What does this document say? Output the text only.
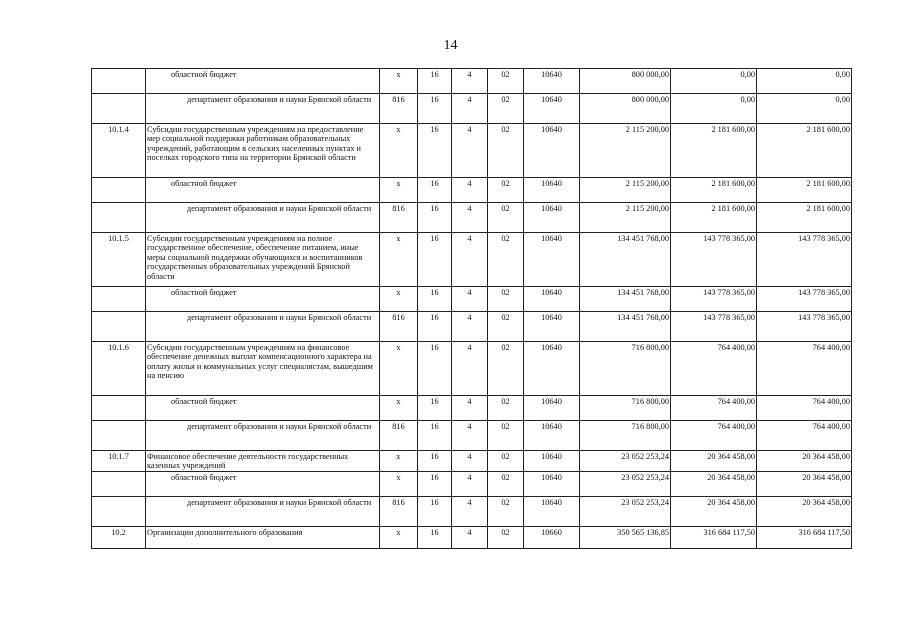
14

	областной бюджет	х	16	4	02	10640	800 000,00	0,00	0,00
	департамент образования и науки Брянской области	816	16	4	02	10640	800 000,00	0,00	0,00
10.1.4	Субсидии государственным учреждениям на предоставление мер социальной поддержки работникам образовательных учреждений, работающим в сельских населенных пунктах и поселках городского типа на территории Брянской области	х	16	4	02	10640	2 115 200,00	2 181 600,00	2 181 600,00

	областной бюджет	х	16	4	02	10640	2 115 200,00	2 181 600,00	2 181 600,00
	департамент образования и науки Брянской области	816	16	4	02	10640	2 115 200,00	2 181 600,00	2 181 600,00
10.1.5	Субсидии государственным учреждениям на полное государственное обеспечение, обеспечение питанием, иные меры социальной поддержки обучающихся и воспитанников государственных образовательных учреждений Брянской области	х	16	4	02	10640	134 451 768,00	143 778 365,00	143 778 365,00

	областной бюджет	х	16	4	02	10640	134 451 768,00	143 778 365,00	143 778 365,00
	департамент образования и науки Брянской области	816	16	4	02	10640	134 451 768,00	143 778 365,00	143 778 365,00
10.1.6	Субсидии государственным учреждениям на финансовое обеспечение денежных выплат компенсационного характера на оплату жилья и коммунальных услуг специалистам, вышедшим на пенсию	х	16	4	02	10640	716 800,00	764 400,00	764 400,00

	областной бюджет	х	16	4	02	10640	716 800,00	764 400,00	764 400,00
	департамент образования и науки Брянской области	816	16	4	02	10640	716 800,00	764 400,00	764 400,00
10.1.7	Финансовое обеспечение деятельности государственных казенных учреждений	х	16	4	02	10640	23 052 253,24	20 364 458,00	20 364 458,00

	областной бюджет	х	16	4	02	10640	23 052 253,24	20 364 458,00	20 364 458,00
	департамент образования и науки Брянской области	816	16	4	02	10640	23 052 253,24	20 364 458,00	20 364 458,00
10.2	Организации дополнительного образования	х	16	4	02	10660	350 565 136,85	316 684 117,50	316 684 117,50
